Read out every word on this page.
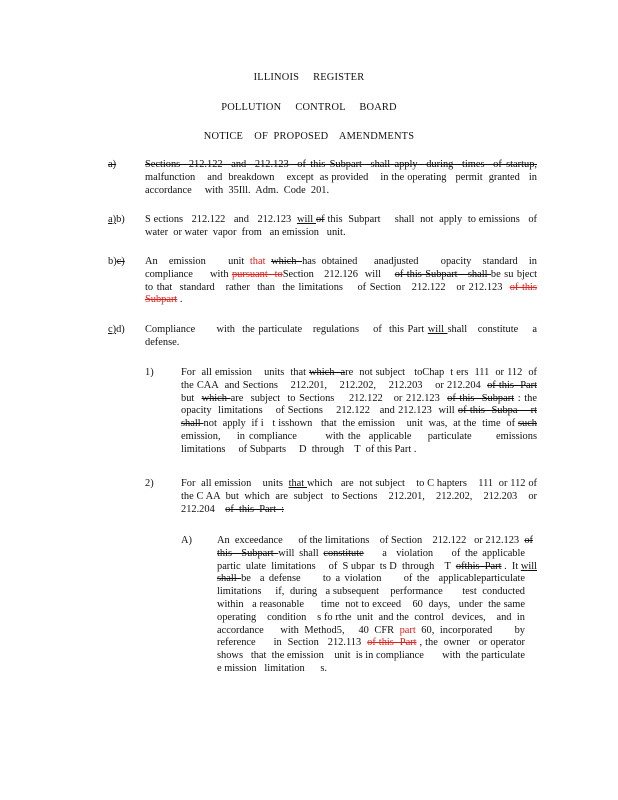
ILLINOIS     REGISTER
POLLUTION     CONTROL     BOARD
NOTICE    OF  PROPOSED    AMENDMENTS
a)	Sections  212.122  and  212.123  of this Subpart  shall apply  during  times  of startup,
malfunction    and  breakdown    except  as provided    in the operating   permit  granted   in
accordance     with  35Ill.  Adm.  Code  201.
a)b) S ections   212.122   and   212.123  will of this  Subpart     shall  not  apply  to emissions   of
water  or water  vapor  from   an emission   unit.
b)c) An  emission    unit that which has obtained   anadjusted    opacity  standard  in
compliance     with pursuant  toSection   212.126  will    of this Subpart   shall be su bject
to that  standard   rather  than  the limitations    of Section   212.122   or 212.123  of this
Subpart .
c)d) Compliance      with  the particulate   regulations    of  this Part will shall   constitute    a
defense.
1)	For  all emission    units  that which  are  not subject   toChap  t ers  111  or 112  of
the CAA  and Sections    212.201,    212.202,    212.203    or 212.204  of this  Part
but  which are  subject  to Sections    212.122   or 212.123  of this  Subpart : the
opacity  limitations    of Sections    212.122   and 212.123  will of this  Subpa    rt
shall not  apply  if i   t isshown   that  the emission    unit  was,  at the  time  of such
emission,    in compliance       with the  applicable    particulate      emissions
limitations     of Subparts     D  through    T  of this Part .
2)	For  all emission    units  that which   are  not subject    to C hapters    111  or 112 of
the C AA  but  which  are  subject   to Sections    212.201,    212.202,    212.203    or
212.204    of  this  Part  :
A) An  exceedance      of the limitations    of Section    212.122   or 212.123  of
this  Subpart will shall constitute    a  violation    of the applicable
partic  ulate  limitations     of  S ubpar  ts D  through    T  ofthis  Part .  It will
shall be  a defense     to a violation     of the  applicableparticulate
limitations     if,  during   a subsequent    performance       test  conducted
within   a reasonable      time  not to exceed    60  days,   under  the same
operating    condition    s fo rthe  unit  and the  control   devices,    and  in
accordance      with  Method5,     40  CFR  part  60,  incorporated        by
reference      in  Section   212.113  of this  Part , the  owner   or operator
shows   that  the emission    unit  is in compliance       with  the particulate
e mission   limitation      s.
